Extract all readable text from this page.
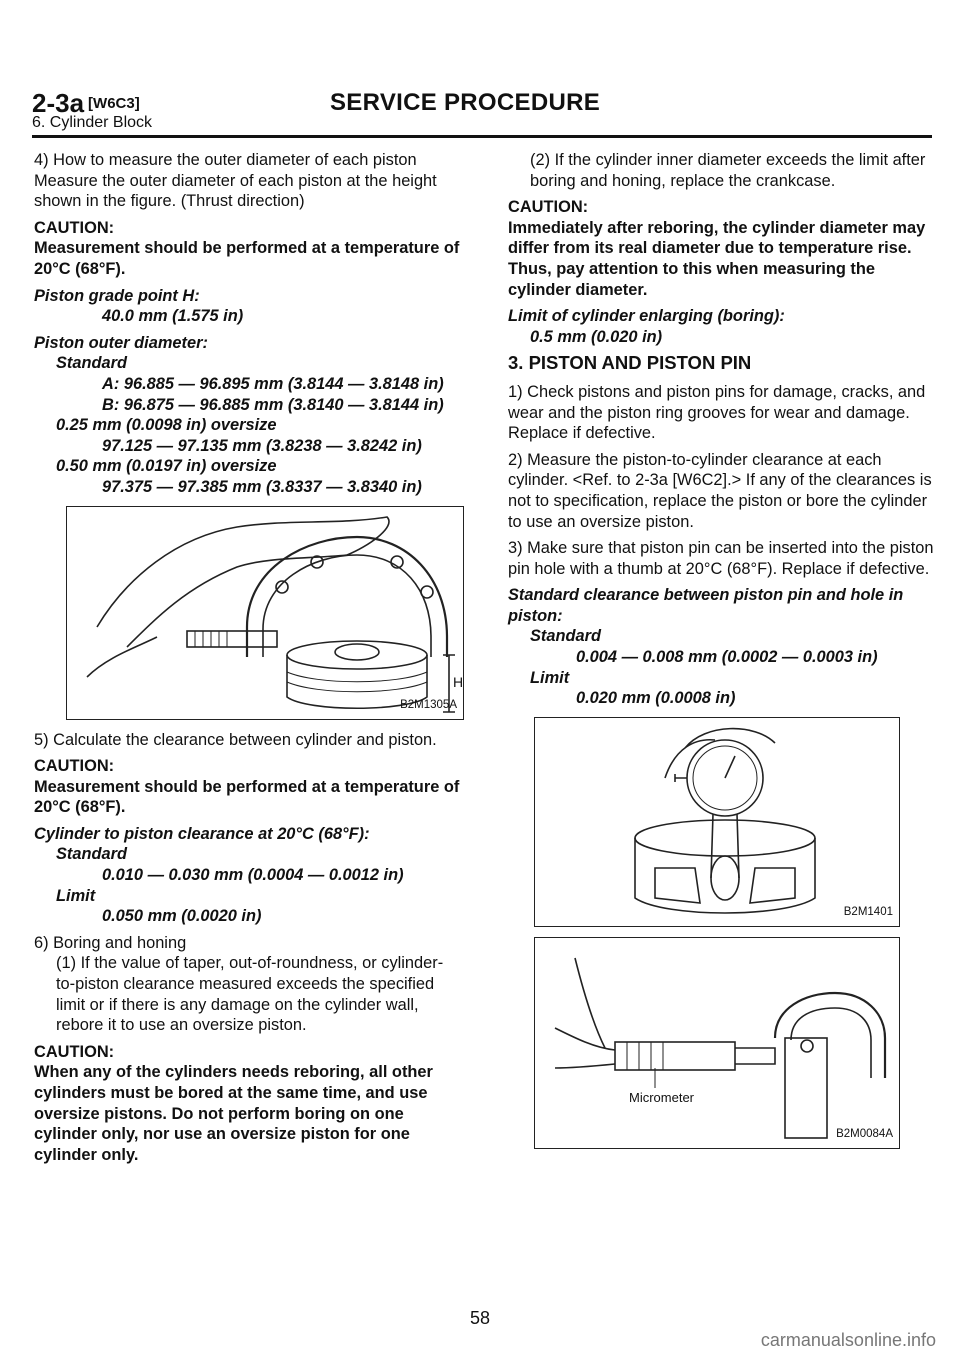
2-3a [W6C3]	SERVICE PROCEDURE
6. Cylinder Block

4) How to measure the outer diameter of each piston
Measure the outer diameter of each piston at the height shown in the figure. (Thrust direction)

CAUTION:
Measurement should be performed at a temperature of 20°C (68°F).

Piston grade point H:
40.0 mm (1.575 in)
Piston outer diameter:
Standard
A: 96.885 — 96.895 mm (3.8144 — 3.8148 in)
B: 96.875 — 96.885 mm (3.8140 — 3.8144 in)
0.25 mm (0.0098 in) oversize
97.125 — 97.135 mm (3.8238 — 3.8242 in)
0.50 mm (0.0197 in) oversize
97.375 — 97.385 mm (3.8337 — 3.8340 in)
H
B2M1305A

5) Calculate the clearance between cylinder and piston.

CAUTION:
Measurement should be performed at a temperature of 20°C (68°F).

Cylinder to piston clearance at 20°C (68°F):
Standard
0.010 — 0.030 mm (0.0004 — 0.0012 in)
Limit
0.050 mm (0.0020 in)

6) Boring and honing

(1) If the value of taper, out-of-roundness, or cylinder- to-piston clearance measured exceeds the specified limit or if there is any damage on the cylinder wall, rebore it to use an oversize piston.

CAUTION:
When any of the cylinders needs reboring, all other cylinders must be bored at the same time, and use oversize pistons. Do not perform boring on one cylinder only, nor use an oversize piston for one cylinder only.

(2) If the cylinder inner diameter exceeds the limit after boring and honing, replace the crankcase.

CAUTION:
Immediately after reboring, the cylinder diameter may differ from its real diameter due to temperature rise. Thus, pay attention to this when measuring the cylinder diameter.

Limit of cylinder enlarging (boring):
0.5 mm (0.020 in)
3. PISTON AND PISTON PIN

1) Check pistons and piston pins for damage, cracks, and wear and the piston ring grooves for wear and damage. Replace if defective.

2) Measure the piston-to-cylinder clearance at each cylinder. <Ref. to 2-3a [W6C2].> If any of the clearances is not to specification, replace the piston or bore the cylinder to use an oversize piston.

3) Make sure that piston pin can be inserted into the piston pin hole with a thumb at 20°C (68°F). Replace if defective.

Standard clearance between piston pin and hole in piston:
Standard
0.004 — 0.008 mm (0.0002 — 0.0003 in)
Limit
0.020 mm (0.0008 in)
B2M1401
Micrometer
B2M0084A
58
carmanualsonline.info
